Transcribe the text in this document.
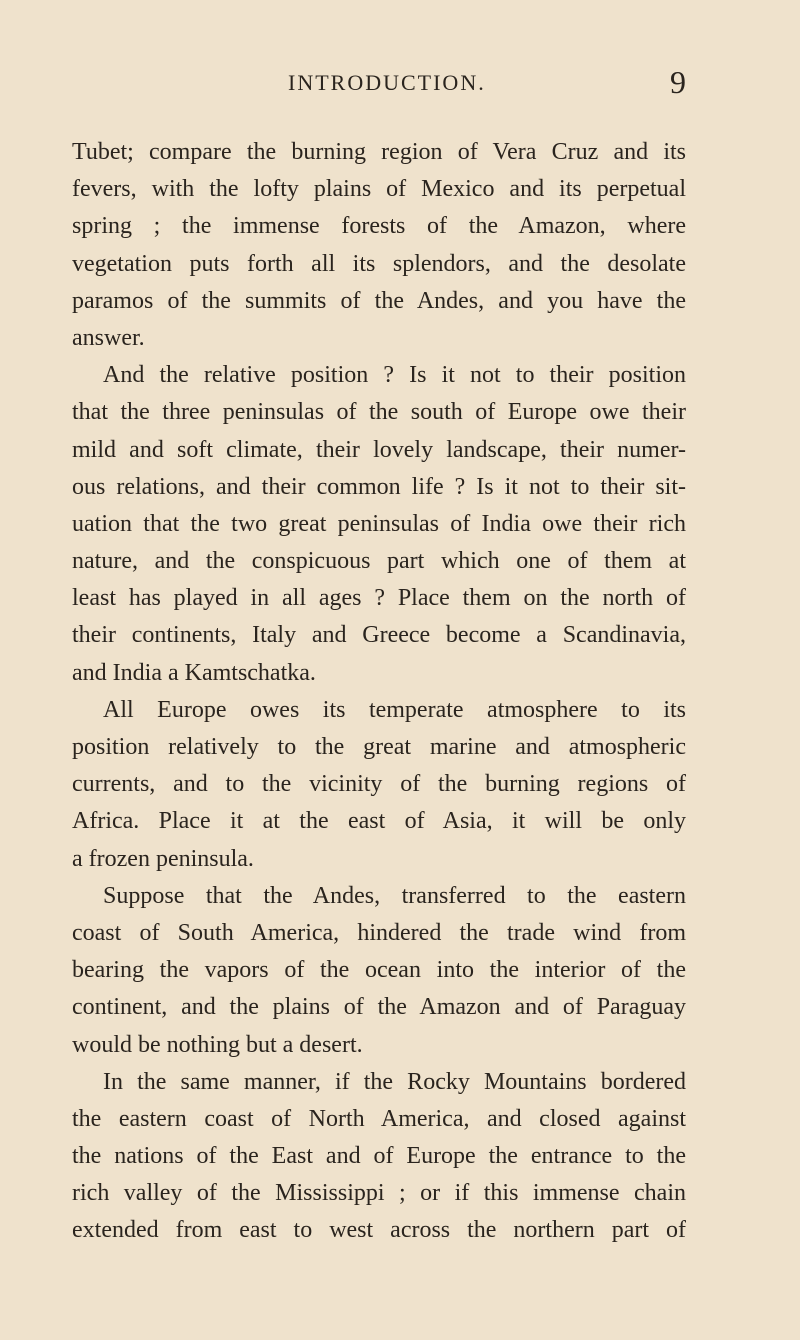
INTRODUCTION.	9
Tubet; compare the burning region of Vera Cruz and its
fevers, with the lofty plains of Mexico and its perpetual
spring ; the immense forests of the Amazon, where
vegetation puts forth all its splendors, and the desolate
paramos of the summits of the Andes, and you have the
answer.
And the relative position ? Is it not to their position
that the three peninsulas of the south of Europe owe their
mild and soft climate, their lovely landscape, their numer-
ous relations, and their common life ? Is it not to their sit-
uation that the two great peninsulas of India owe their rich
nature, and the conspicuous part which one of them at
least has played in all ages ? Place them on the north of
their continents, Italy and Greece become a Scandinavia,
and India a Kamtschatka.
All Europe owes its temperate atmosphere to its
position relatively to the great marine and atmospheric
currents, and to the vicinity of the burning regions of
Africa. Place it at the east of Asia, it will be only
a frozen peninsula.
Suppose that the Andes, transferred to the eastern
coast of South America, hindered the trade wind from
bearing the vapors of the ocean into the interior of the
continent, and the plains of the Amazon and of Paraguay
would be nothing but a desert.
In the same manner, if the Rocky Mountains bordered
the eastern coast of North America, and closed against
the nations of the East and of Europe the entrance to the
rich valley of the Mississippi ; or if this immense chain
extended from east to west across the northern part of
